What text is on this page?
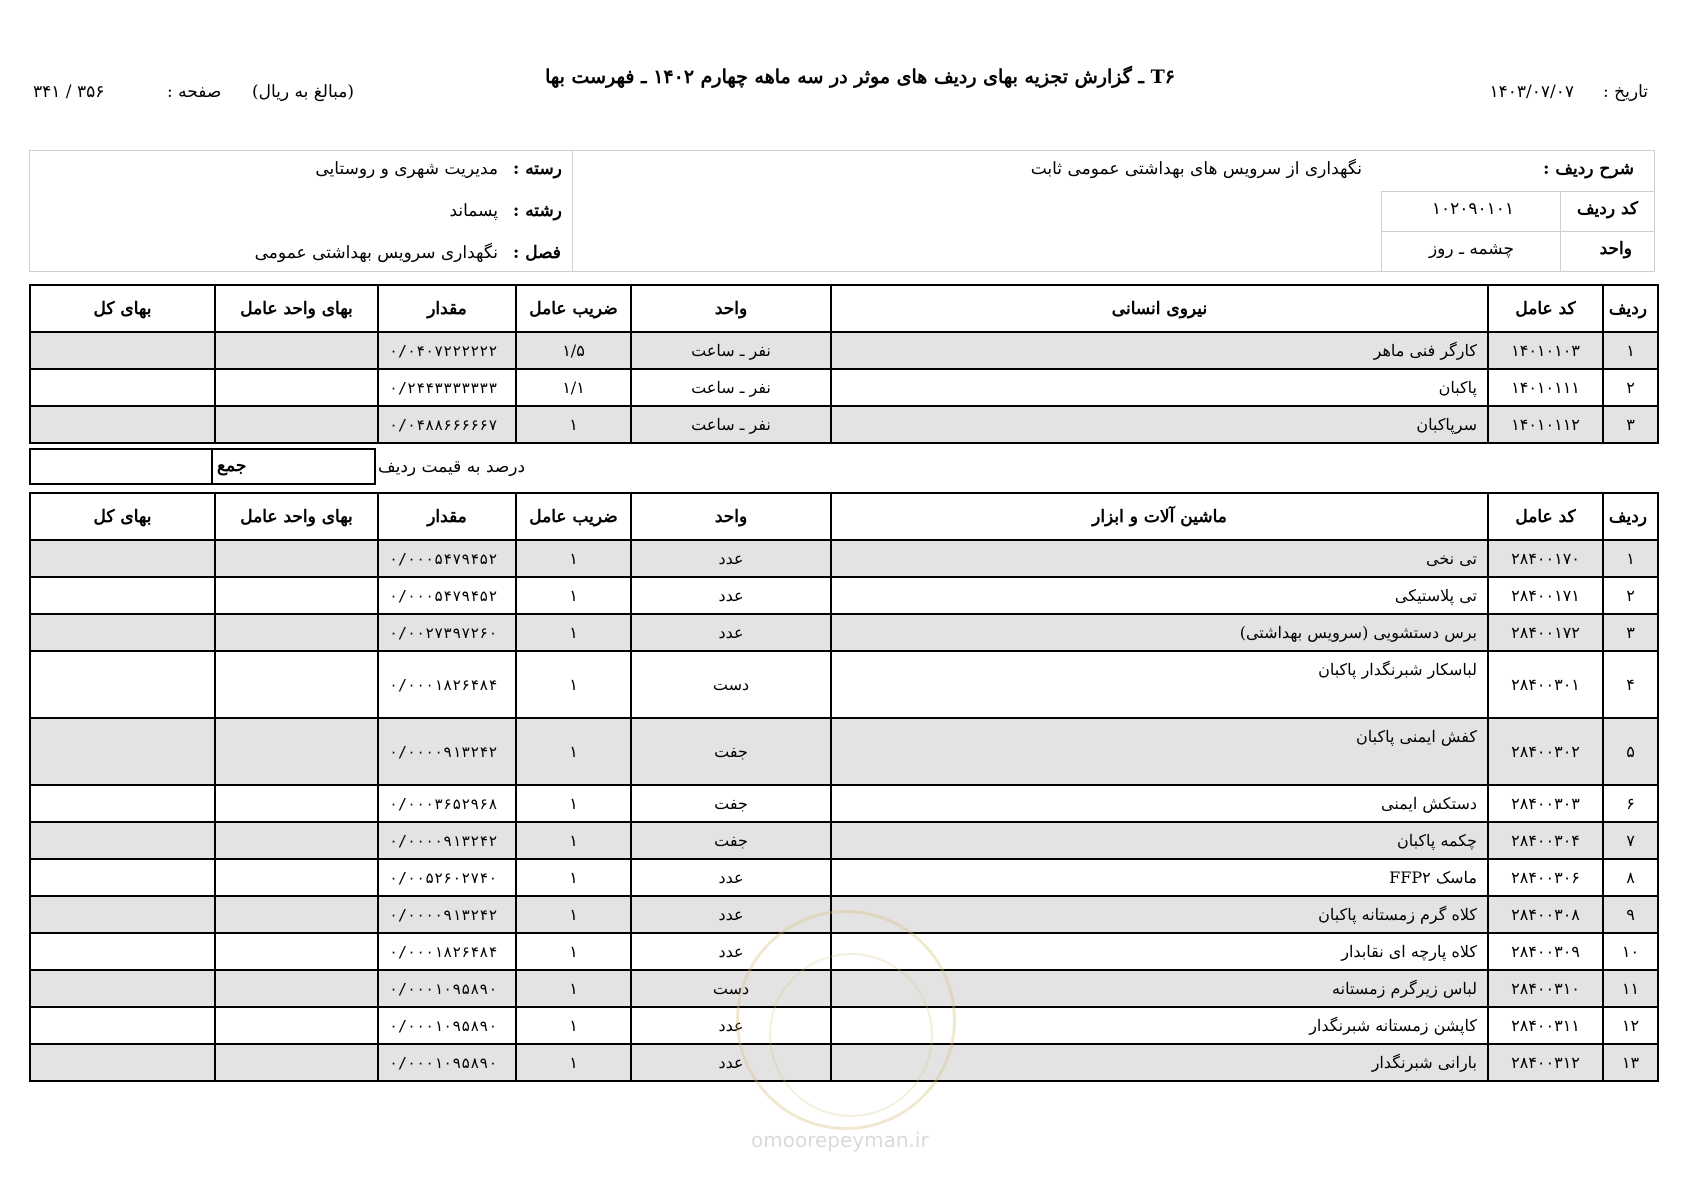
تاریخ :
۱۴۰۳/۰۷/۰۷
T۶ ـ گزارش تجزیه بهای ردیف های موثر در سه ماهه چهارم ۱۴۰۲ ـ فهرست بها
(مبالغ به ریال)
صفحه :
۳۵۶ / ۳۴۱
شرح ردیف :
نگهداری از سرویس های بهداشتی عمومی ثابت
کد ردیف
۱۰۲۰۹۰۱۰۱
واحد
چشمه ـ روز
رسته :
مدیریت شهری و روستایی
رشته :
پسماند
فصل :
نگهداری سرویس بهداشتی عمومی
ردیف	کد عامل	نیروی انسانی	واحد	ضریب عامل	مقدار	بهای واحد عامل	بهای کل
۱	۱۴۰۱۰۱۰۳	کارگر فنی ماهر	نفر ـ ساعت	۱/۵	۰/۰۴۰۷۲۲۲۲۲۲		
۲	۱۴۰۱۰۱۱۱	پاکبان	نفر ـ ساعت	۱/۱	۰/۲۴۴۳۳۳۳۳۳۳		
۳	۱۴۰۱۰۱۱۲	سرپاکبان	نفر ـ ساعت	۱	۰/۰۴۸۸۶۶۶۶۶۷		
درصد به قیمت ردیف
جمع
ردیف	کد عامل	ماشین آلات و ابزار	واحد	ضریب عامل	مقدار	بهای واحد عامل	بهای کل
۱	۲۸۴۰۰۱۷۰	تی نخی	عدد	۱	۰/۰۰۰۵۴۷۹۴۵۲		
۲	۲۸۴۰۰۱۷۱	تی پلاستیکی	عدد	۱	۰/۰۰۰۵۴۷۹۴۵۲		
۳	۲۸۴۰۰۱۷۲	برس دستشویی (سرویس بهداشتی)	عدد	۱	۰/۰۰۲۷۳۹۷۲۶۰		
۴	۲۸۴۰۰۳۰۱	لباسکار شبرنگدار پاکبان	دست	۱	۰/۰۰۰۱۸۲۶۴۸۴		
۵	۲۸۴۰۰۳۰۲	کفش ایمنی پاکبان	جفت	۱	۰/۰۰۰۰۹۱۳۲۴۲		
۶	۲۸۴۰۰۳۰۳	دستکش ایمنی	جفت	۱	۰/۰۰۰۳۶۵۲۹۶۸		
۷	۲۸۴۰۰۳۰۴	چکمه پاکبان	جفت	۱	۰/۰۰۰۰۹۱۳۲۴۲		
۸	۲۸۴۰۰۳۰۶	ماسک FFP۲	عدد	۱	۰/۰۰۵۲۶۰۲۷۴۰		
۹	۲۸۴۰۰۳۰۸	کلاه گرم زمستانه پاکبان	عدد	۱	۰/۰۰۰۰۹۱۳۲۴۲		
۱۰	۲۸۴۰۰۳۰۹	کلاه پارچه ای نقابدار	عدد	۱	۰/۰۰۰۱۸۲۶۴۸۴		
۱۱	۲۸۴۰۰۳۱۰	لباس زیرگرم زمستانه	دست	۱	۰/۰۰۰۱۰۹۵۸۹۰		
۱۲	۲۸۴۰۰۳۱۱	کاپشن زمستانه شبرنگدار	عدد	۱	۰/۰۰۰۱۰۹۵۸۹۰		
۱۳	۲۸۴۰۰۳۱۲	بارانی شبرنگدار	عدد	۱	۰/۰۰۰۱۰۹۵۸۹۰		
omoorepeyman.ir
